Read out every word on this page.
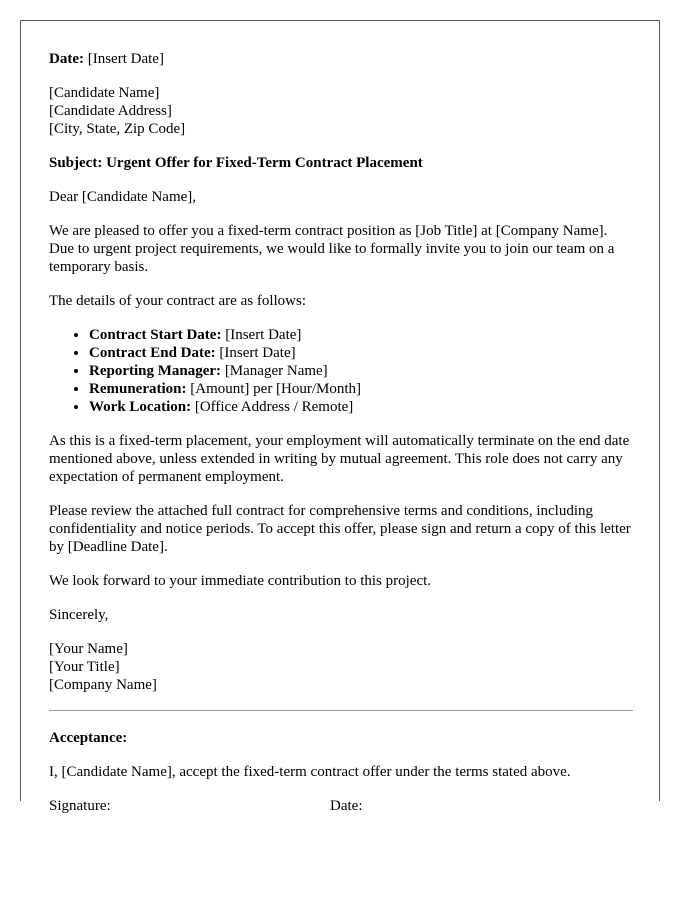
Date: [Insert Date]
[Candidate Name]
[Candidate Address]
[City, State, Zip Code]
Subject: Urgent Offer for Fixed-Term Contract Placement

Dear [Candidate Name],

We are pleased to offer you a fixed-term contract position as [Job Title] at [Company Name]. Due to urgent project requirements, we would like to formally invite you to join our team on a temporary basis.

The details of your contract are as follows:

• Contract Start Date: [Insert Date]
• Contract End Date: [Insert Date]
• Reporting Manager: [Manager Name]
• Remuneration: [Amount] per [Hour/Month]
• Work Location: [Office Address / Remote]

As this is a fixed-term placement, your employment will automatically terminate on the end date mentioned above, unless extended in writing by mutual agreement. This role does not carry any expectation of permanent employment.

Please review the attached full contract for comprehensive terms and conditions, including confidentiality and notice periods. To accept this offer, please sign and return a copy of this letter by [Deadline Date].

We look forward to your immediate contribution to this project.

Sincerely,

[Your Name]
[Your Title]
[Company Name]

Acceptance:

I, [Candidate Name], accept the fixed-term contract offer under the terms stated above.

Signature:	Date:
